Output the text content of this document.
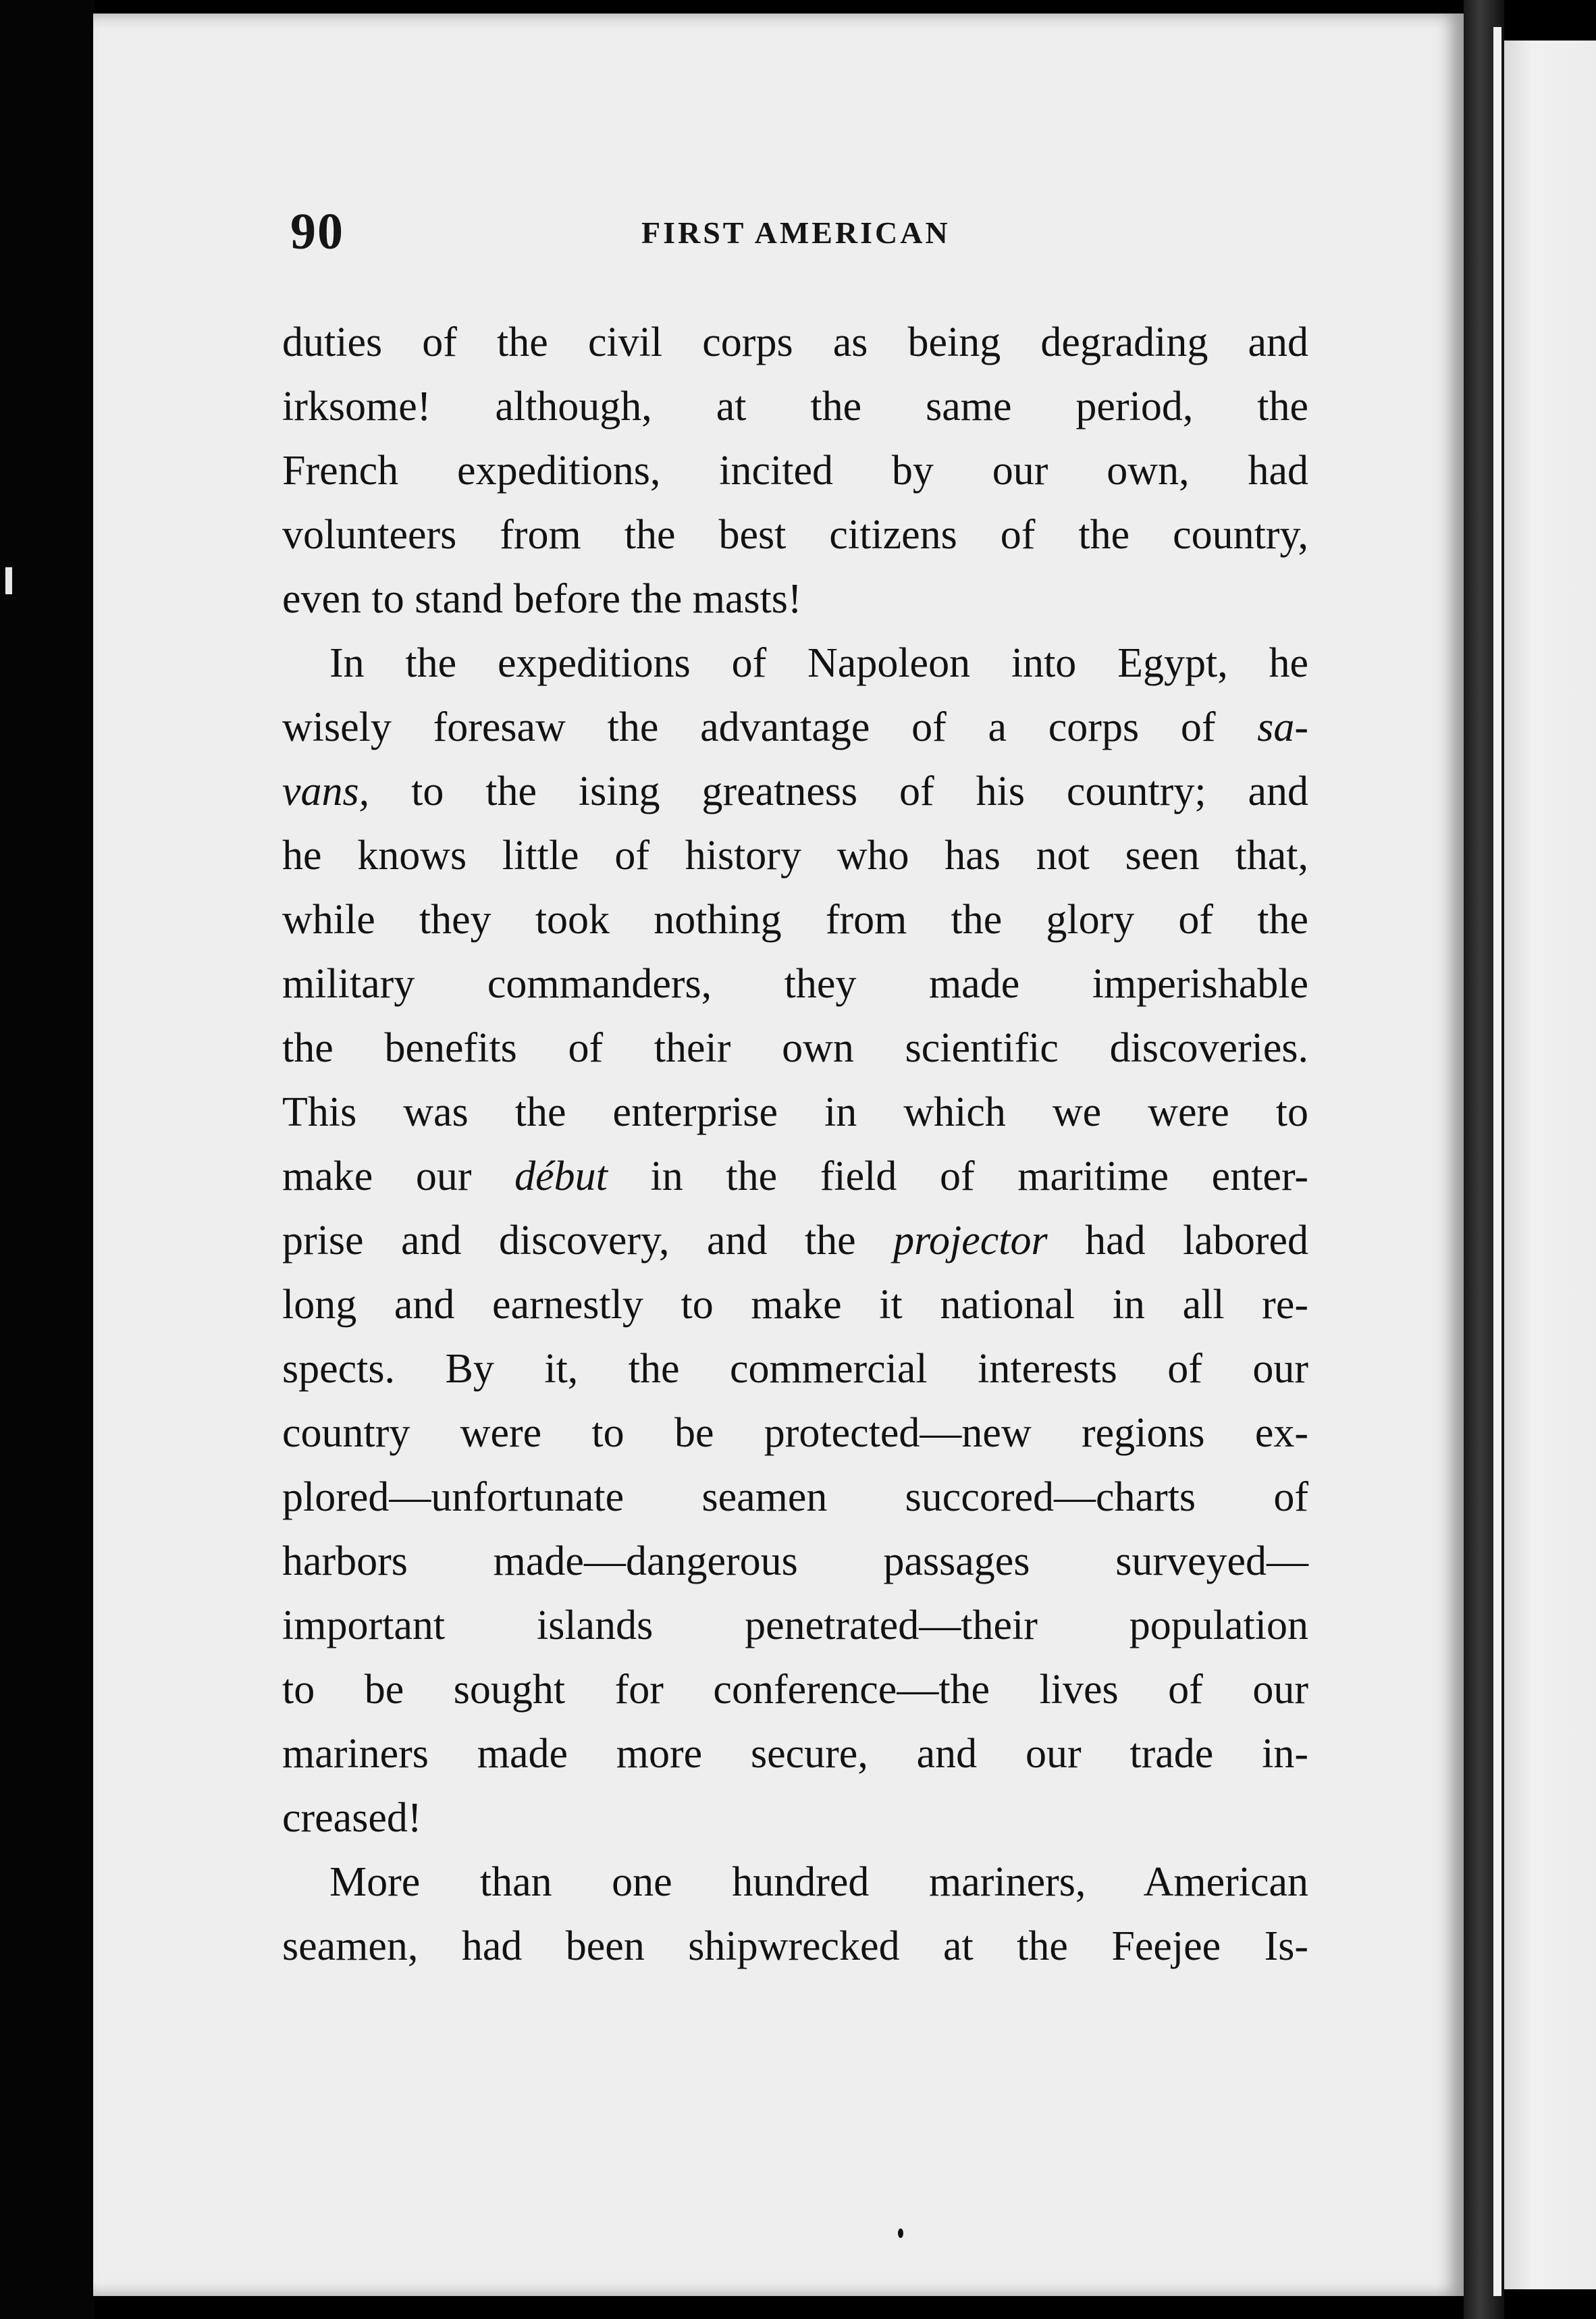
90	FIRST AMERICAN
duties of the civil corps as being degrading and
irksome! although, at the same period, the
French expeditions, incited by our own, had
volunteers from the best citizens of the country,
even to stand before the masts!
In the expeditions of Napoleon into Egypt, he
wisely foresaw the advantage of a corps of sa-
vans, to the ising greatness of his country; and
he knows little of history who has not seen that,
while they took nothing from the glory of the
military commanders, they made imperishable
the benefits of their own scientific discoveries.
This was the enterprise in which we were to
make our début in the field of maritime enter-
prise and discovery, and the projector had labored
long and earnestly to make it national in all re-
spects. By it, the commercial interests of our
country were to be protected—new regions ex-
plored—unfortunate seamen succored—charts of
harbors made—dangerous passages surveyed—
important islands penetrated—their population
to be sought for conference—the lives of our
mariners made more secure, and our trade in-
creased!
More than one hundred mariners, American
seamen, had been shipwrecked at the Feejee Is-
